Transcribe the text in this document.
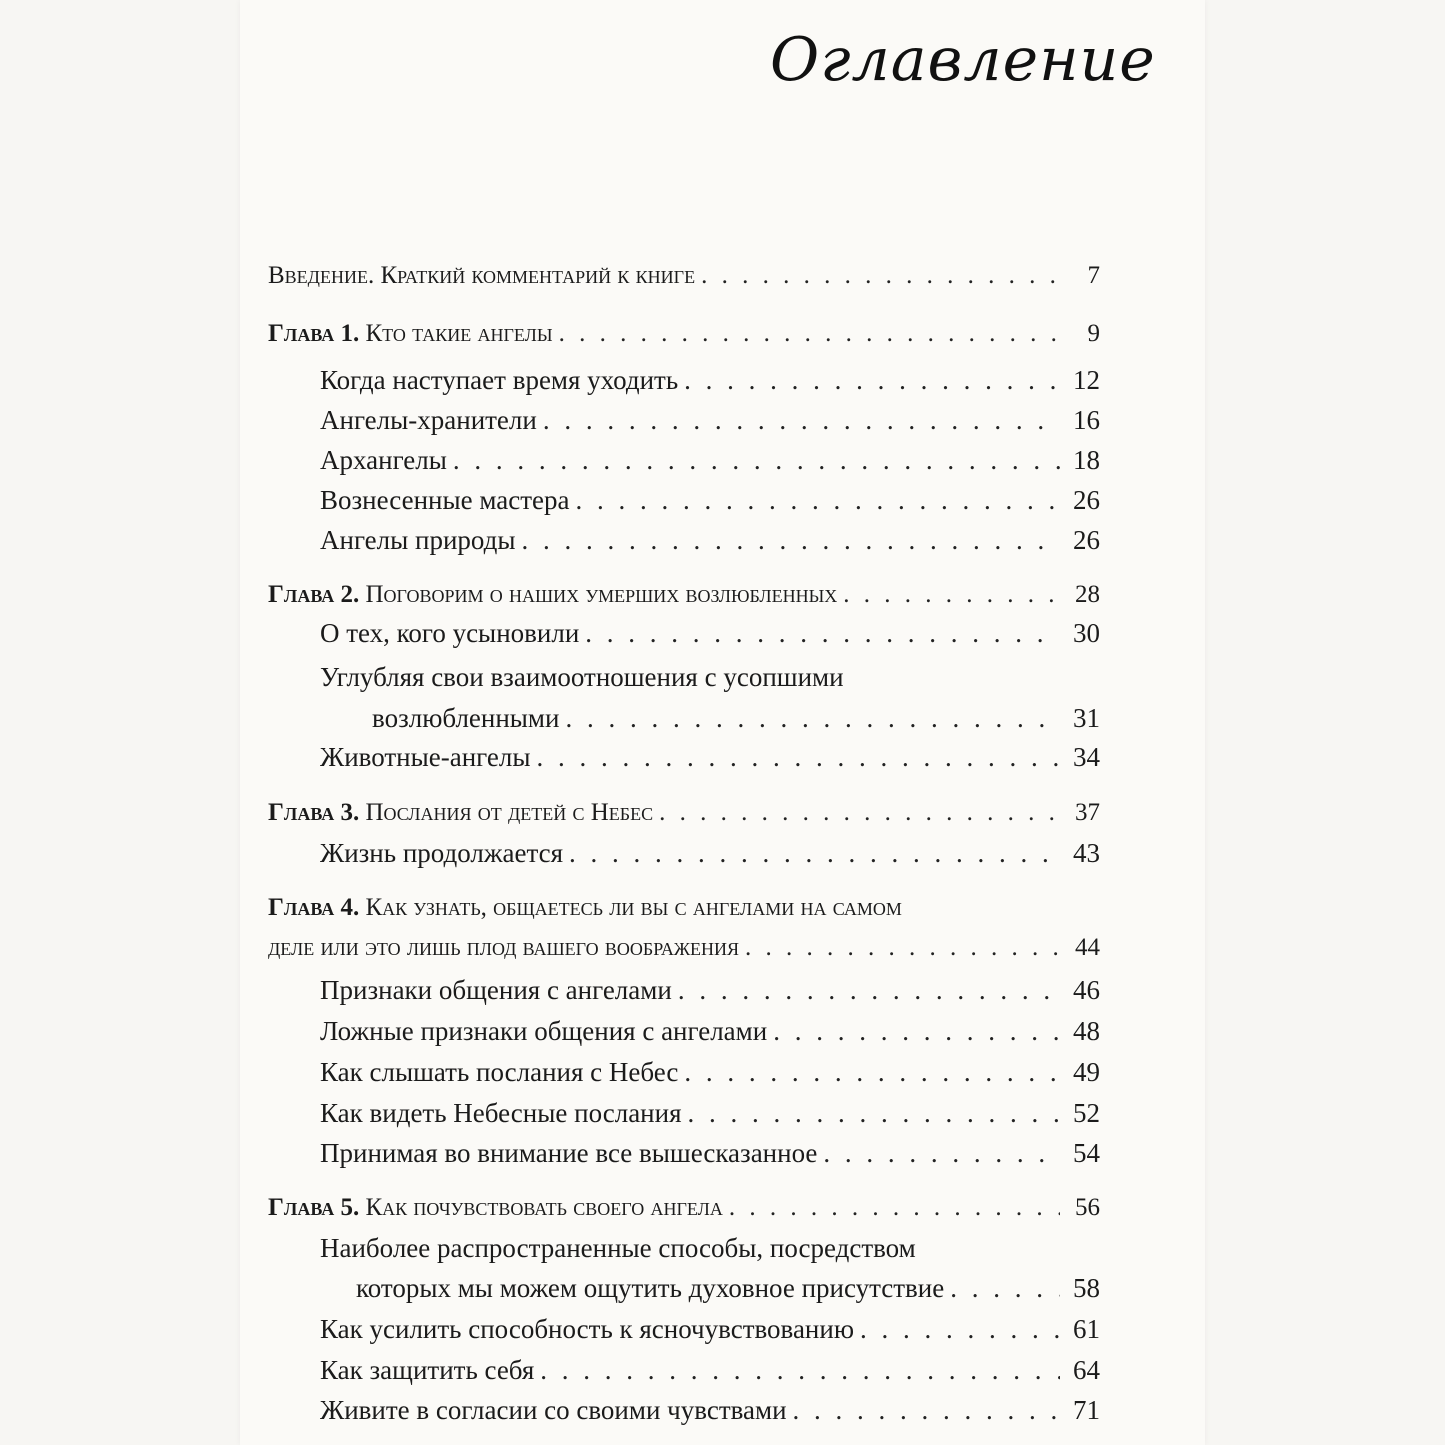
Оглавление
Введение. Краткий комментарий к книге . . .	7
Глава 1. Кто такие ангелы . . .	9
Когда наступает время уходить . . .	12
Ангелы-хранители . . .	16
Архангелы . . .	18
Вознесенные мастера . . .	26
Ангелы природы . . .	26
Глава 2. Поговорим о наших умерших возлюбленных . . .	28
О тех, кого усыновили . . .	30
Углубляя свои взаимоотношения с усопшими
возлюбленными . . .	31
Животные-ангелы . . .	34
Глава 3. Послания от детей с Небес . . .	37
Жизнь продолжается . . .	43
Глава 4. Как узнать, общаетесь ли вы с ангелами на самом
деле или это лишь плод вашего воображения . . .	44
Признаки общения с ангелами . . .	46
Ложные признаки общения с ангелами . . .	48
Как слышать послания с Небес . . .	49
Как видеть Небесные послания . . .	52
Принимая во внимание все вышесказанное . . .	54
Глава 5. Как почувствовать своего ангела . . .	56
Наиболее распространенные способы, посредством
которых мы можем ощутить духовное присутствие . . .	58
Как усилить способность к ясночувствованию . . .	61
Как защитить себя . . .	64
Живите в согласии со своими чувствами . . .	71
